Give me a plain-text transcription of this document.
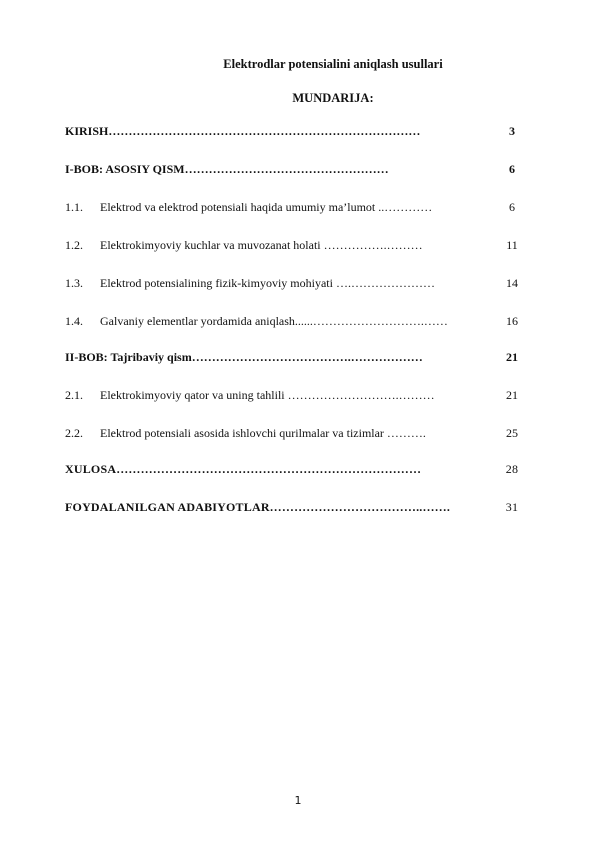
Elektrodlar potensialini aniqlash usullari
MUNDARIJA:
KIRISH……………………………………………………………………	3
I-BOB: ASOSIY QISM……………………………………………	6
1.1. Elektrod va elektrod potensiali haqida umumiy ma’lumot ..…………	6
1.2. Elektrokimyoviy kuchlar va muvozanat holati …………….………	11
1.3. Elektrod potensialining fizik-kimyoviy mohiyati ….…………………	14
1.4. Galvaniy elementlar yordamida aniqlash......……………………….……	16
II-BOB: Tajribaviy qism………………………………….………………	21
2.1. Elektrokimyoviy qator va uning tahlili ……………………….………	21
2.2. Elektrod potensiali asosida ishlovchi qurilmalar va tizimlar ……….	25
XULOSA…………………………………………………………………	28
FOYDALANILGAN ADABIYOTLAR………………………………..…….	31
1
